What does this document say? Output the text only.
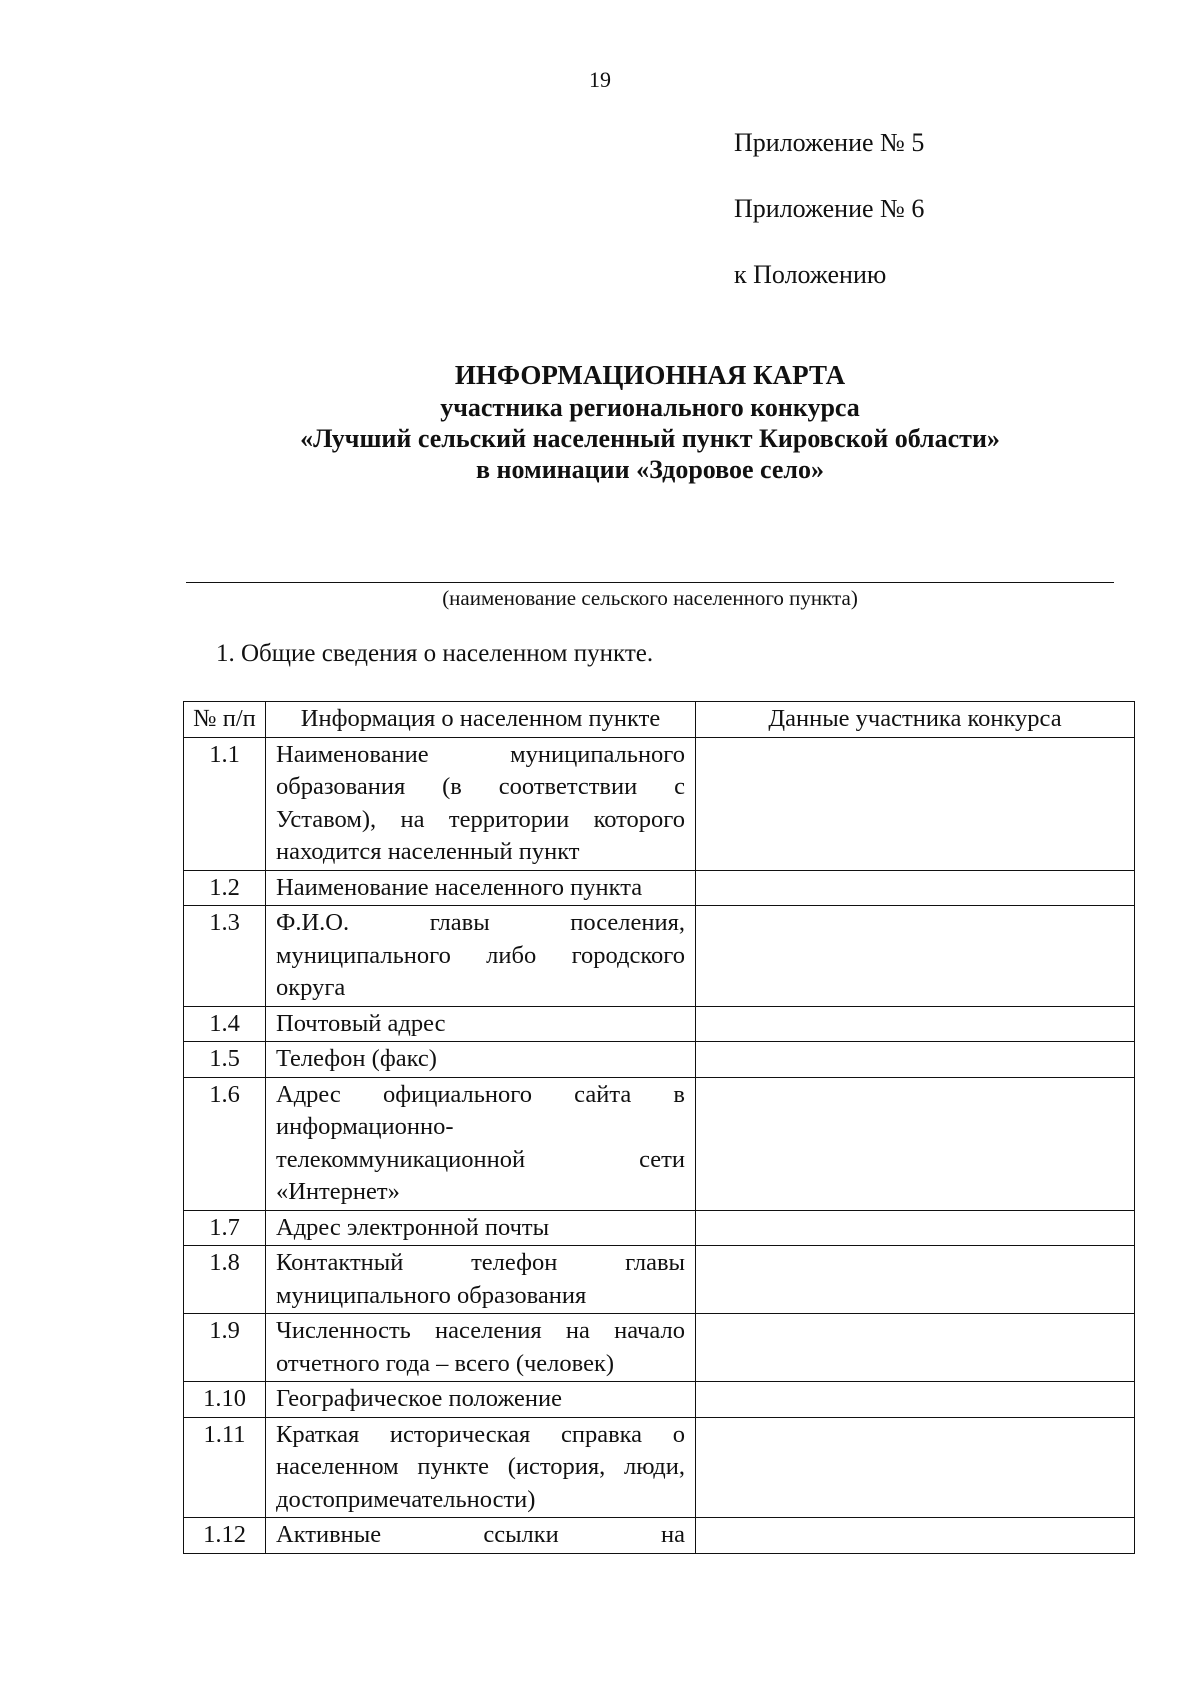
19
Приложение № 5
Приложение № 6
к Положению
ИНФОРМАЦИОННАЯ КАРТА
участника регионального конкурса
«Лучший сельский населенный пункт Кировской области»
в номинации «Здоровое село»
(наименование сельского населенного пункта)
1. Общие сведения о населенном пункте.
№ п/п	Информация о населенном пункте	Данные участника конкурса
1.1	Наименование муниципального образования (в соответствии с Уставом), на территории которого находится населенный пункт	
1.2	Наименование населенного пункта	
1.3	Ф.И.О. главы поселения, муниципального либо городского округа	
1.4	Почтовый адрес	
1.5	Телефон (факс)	
1.6	Адрес официального сайта в информационно-телекоммуникационной сети «Интернет»	
1.7	Адрес электронной почты	
1.8	Контактный телефон главы муниципального образования	
1.9	Численность населения на начало отчетного года – всего (человек)	
1.10	Географическое положение	
1.11	Краткая историческая справка о населенном пункте (история, люди, достопримечательности)	
1.12	Активные ссылки на	
